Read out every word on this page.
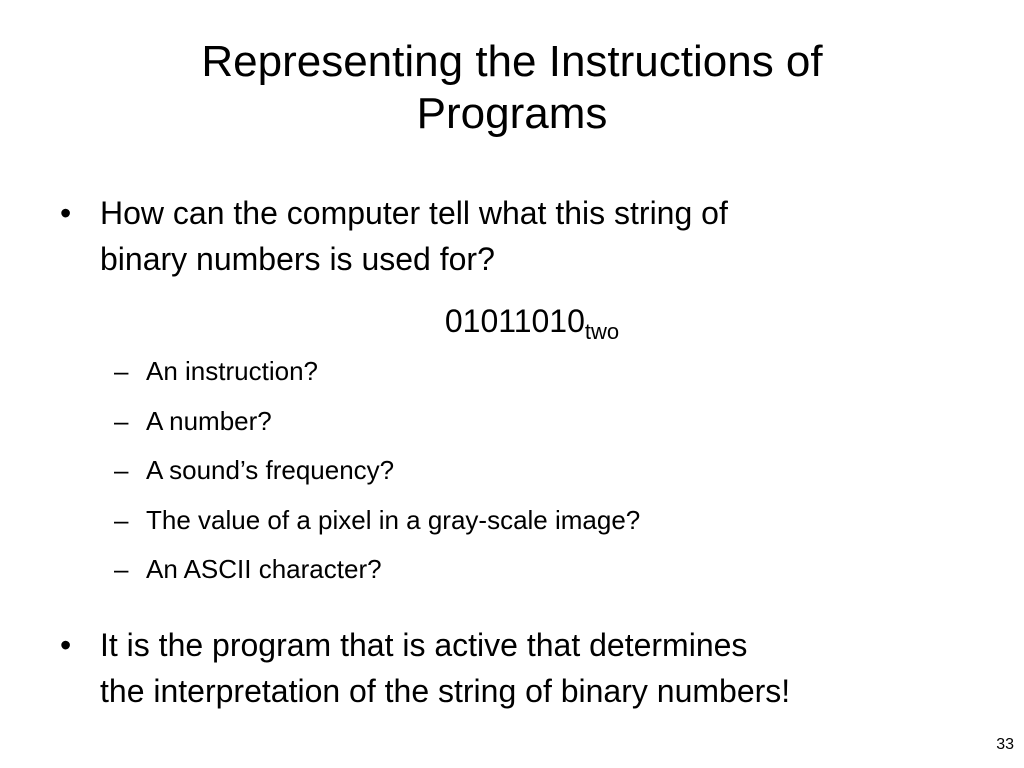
Representing the Instructions of
Programs
• How can the computer tell what this string of
binary numbers is used for?
$01011010_{two}$
– An instruction?
– A number?
– A sound’s frequency?
– The value of a pixel in a gray-scale image?
– An ASCII character?
• It is the program that is active that determines
the interpretation of the string of binary numbers!
33
